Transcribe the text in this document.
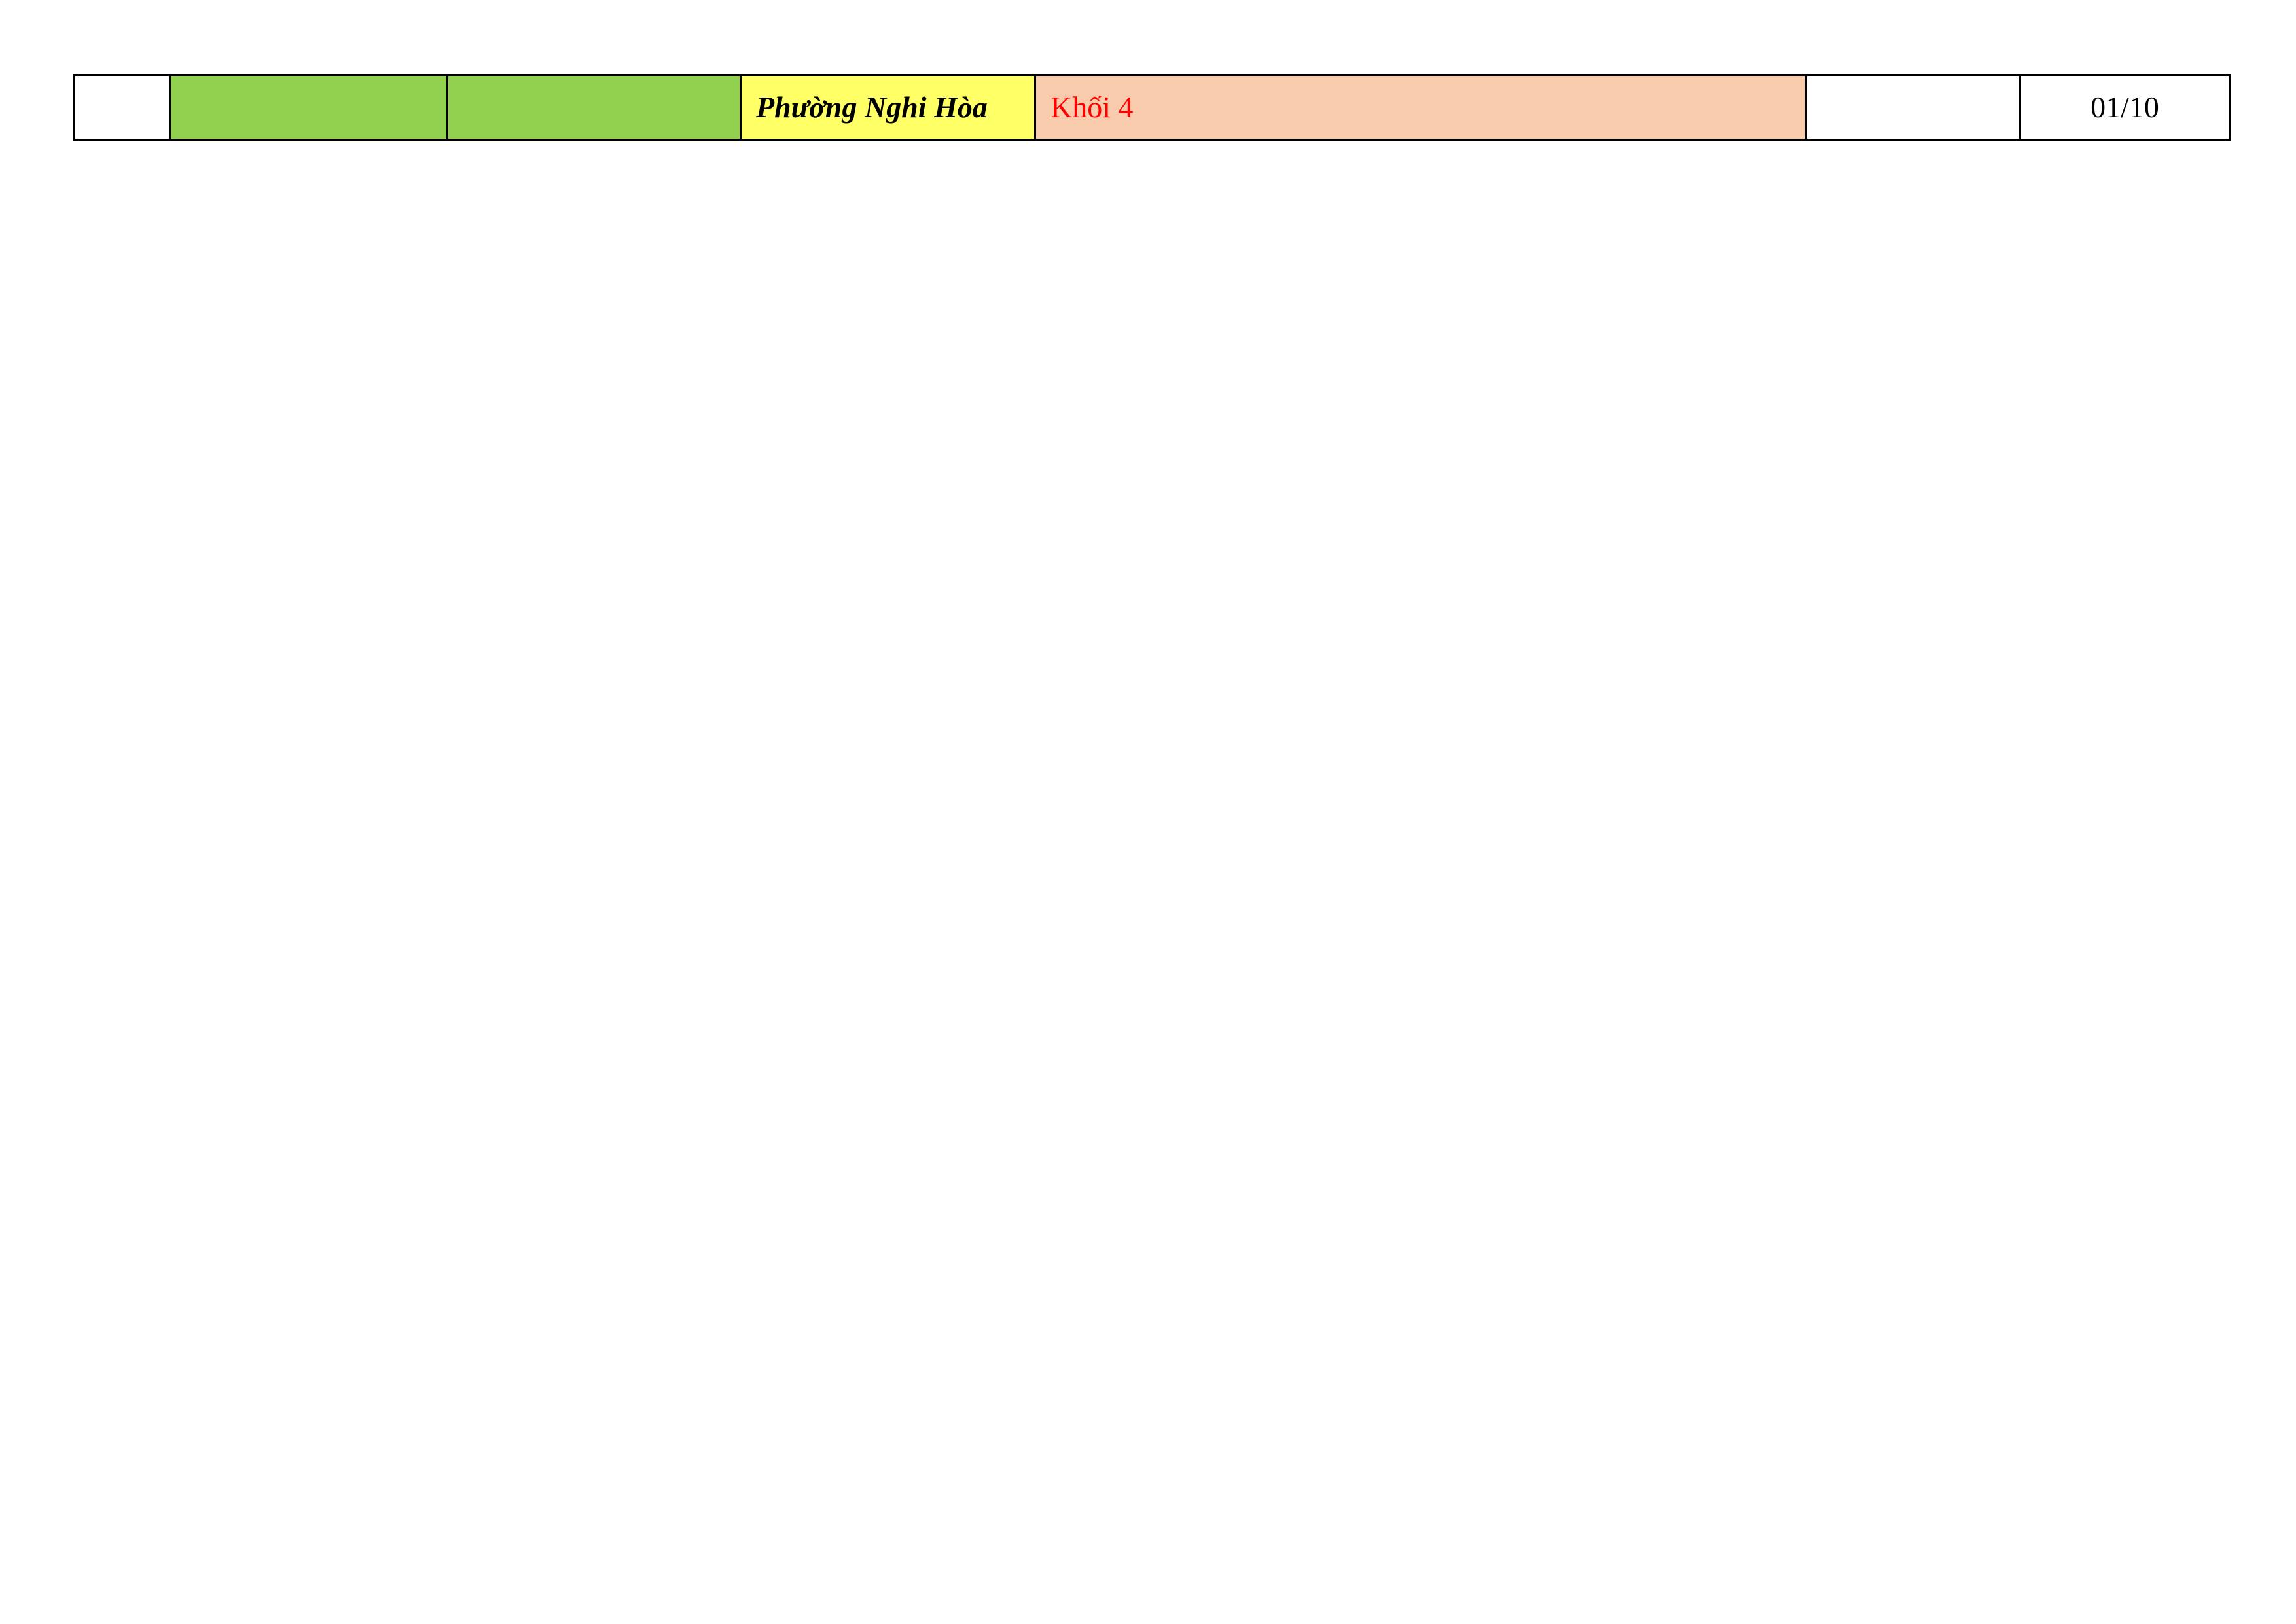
			Phường Nghi Hòa	Khối 4		01/10
